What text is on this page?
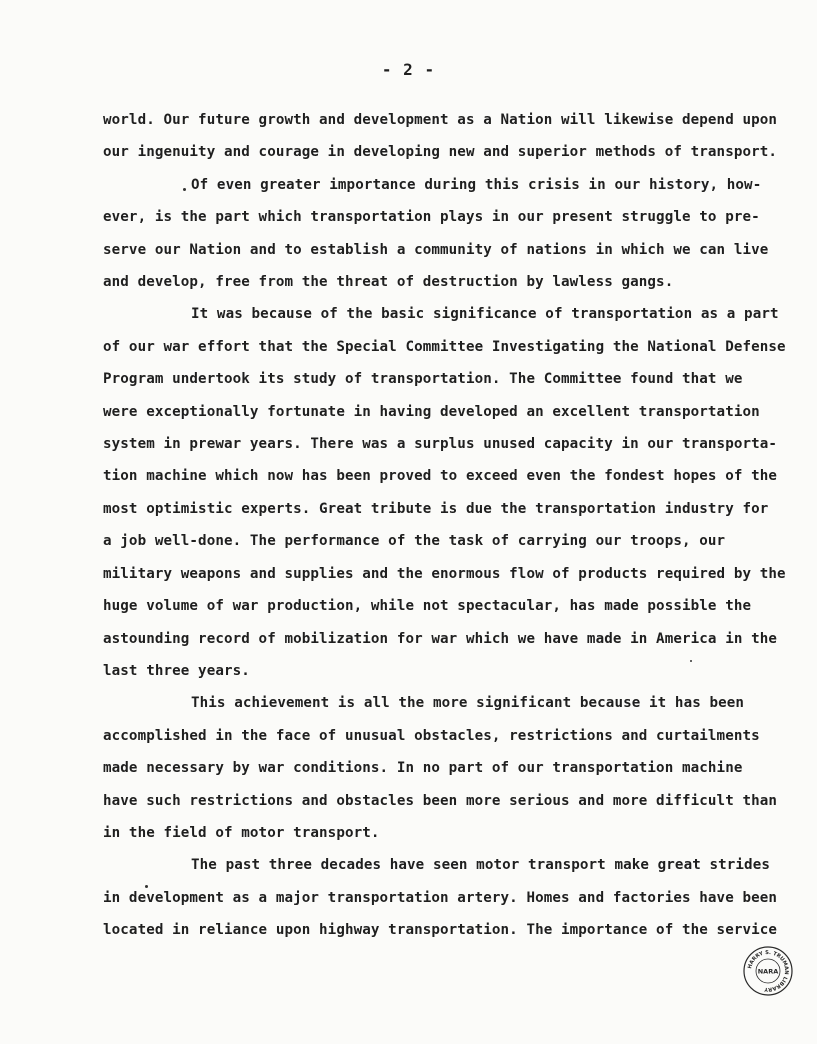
- 2 -
world. Our future growth and development as a Nation will likewise depend upon
our ingenuity and courage in developing new and superior methods of transport.
Of even greater importance during this crisis in our history, how-
ever, is the part which transportation plays in our present struggle to pre-
serve our Nation and to establish a community of nations in which we can live
and develop, free from the threat of destruction by lawless gangs.
It was because of the basic significance of transportation as a part
of our war effort that the Special Committee Investigating the National Defense
Program undertook its study of transportation. The Committee found that we
were exceptionally fortunate in having developed an excellent transportation
system in prewar years. There was a surplus unused capacity in our transporta-
tion machine which now has been proved to exceed even the fondest hopes of the
most optimistic experts. Great tribute is due the transportation industry for
a job well-done. The performance of the task of carrying our troops, our
military weapons and supplies and the enormous flow of products required by the
huge volume of war production, while not spectacular, has made possible the
astounding record of mobilization for war which we have made in America in the
last three years.
This achievement is all the more significant because it has been
accomplished in the face of unusual obstacles, restrictions and curtailments
made necessary by war conditions. In no part of our transportation machine
have such restrictions and obstacles been more serious and more difficult than
in the field of motor transport.
The past three decades have seen motor transport make great strides
in development as a major transportation artery. Homes and factories have been
located in reliance upon highway transportation. The importance of the service
HARRY S. TRUMAN LIBRARY
NARA
